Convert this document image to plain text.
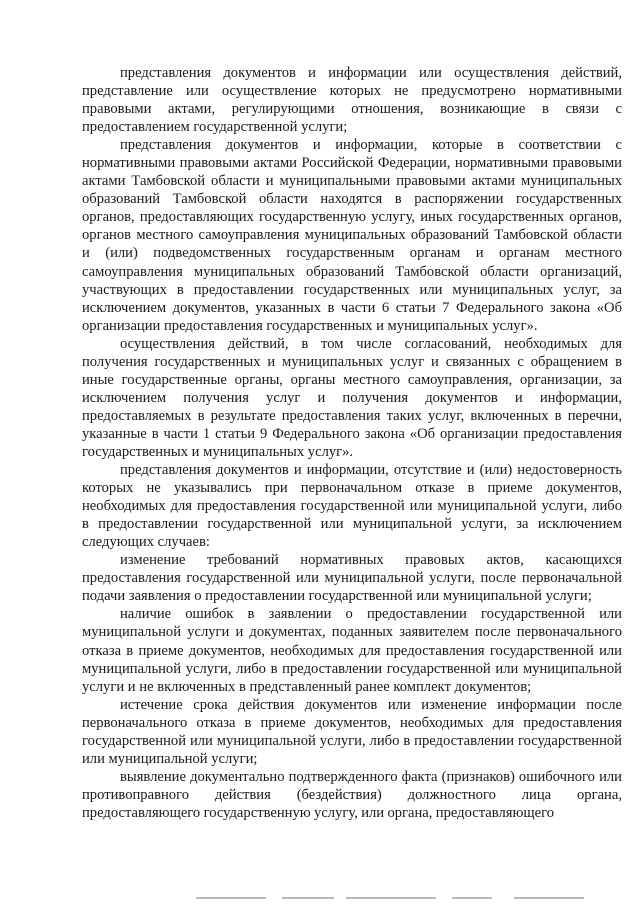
представления документов и информации или осуществления действий, представление или осуществление которых не предусмотрено нормативными правовыми актами, регулирующими отношения, возникающие в связи с предоставлением государственной услуги;

представления документов и информации, которые в соответствии с нормативными правовыми актами Российской Федерации, нормативными правовыми актами Тамбовской области и муниципальными правовыми актами муниципальных образований Тамбовской области находятся в распоряжении государственных органов, предоставляющих государственную услугу, иных государственных органов, органов местного самоуправления муниципальных образований Тамбовской области и (или) подведомственных государственным органам и органам местного самоуправления муниципальных образований Тамбовской области организаций, участвующих в предоставлении государственных или муниципальных услуг, за исключением документов, указанных в части 6 статьи 7 Федерального закона «Об организации предоставления государственных и муниципальных услуг».

осуществления действий, в том числе согласований, необходимых для получения государственных и муниципальных услуг и связанных с обращением в иные государственные органы, органы местного самоуправления, организации, за исключением получения услуг и получения документов и информации, предоставляемых в результате предоставления таких услуг, включенных в перечни, указанные в части 1 статьи 9 Федерального закона «Об организации предоставления государственных и муниципальных услуг».

представления документов и информации, отсутствие и (или) недостоверность которых не указывались при первоначальном отказе в приеме документов, необходимых для предоставления государственной или муниципальной услуги, либо в предоставлении государственной или муниципальной услуги, за исключением следующих случаев:

изменение требований нормативных правовых актов, касающихся предоставления государственной или муниципальной услуги, после первоначальной подачи заявления о предоставлении государственной или муниципальной услуги;

наличие ошибок в заявлении о предоставлении государственной или муниципальной услуги и документах, поданных заявителем после первоначального отказа в приеме документов, необходимых для предоставления государственной или муниципальной услуги, либо в предоставлении государственной или муниципальной услуги и не включенных в представленный ранее комплект документов;

истечение срока действия документов или изменение информации после первоначального отказа в приеме документов, необходимых для предоставления государственной или муниципальной услуги, либо в предоставлении государственной или муниципальной услуги;

выявление документально подтвержденного факта (признаков) ошибочного или противоправного действия (бездействия) должностного лица органа, предоставляющего государственную услугу, или органа, предоставляющего
